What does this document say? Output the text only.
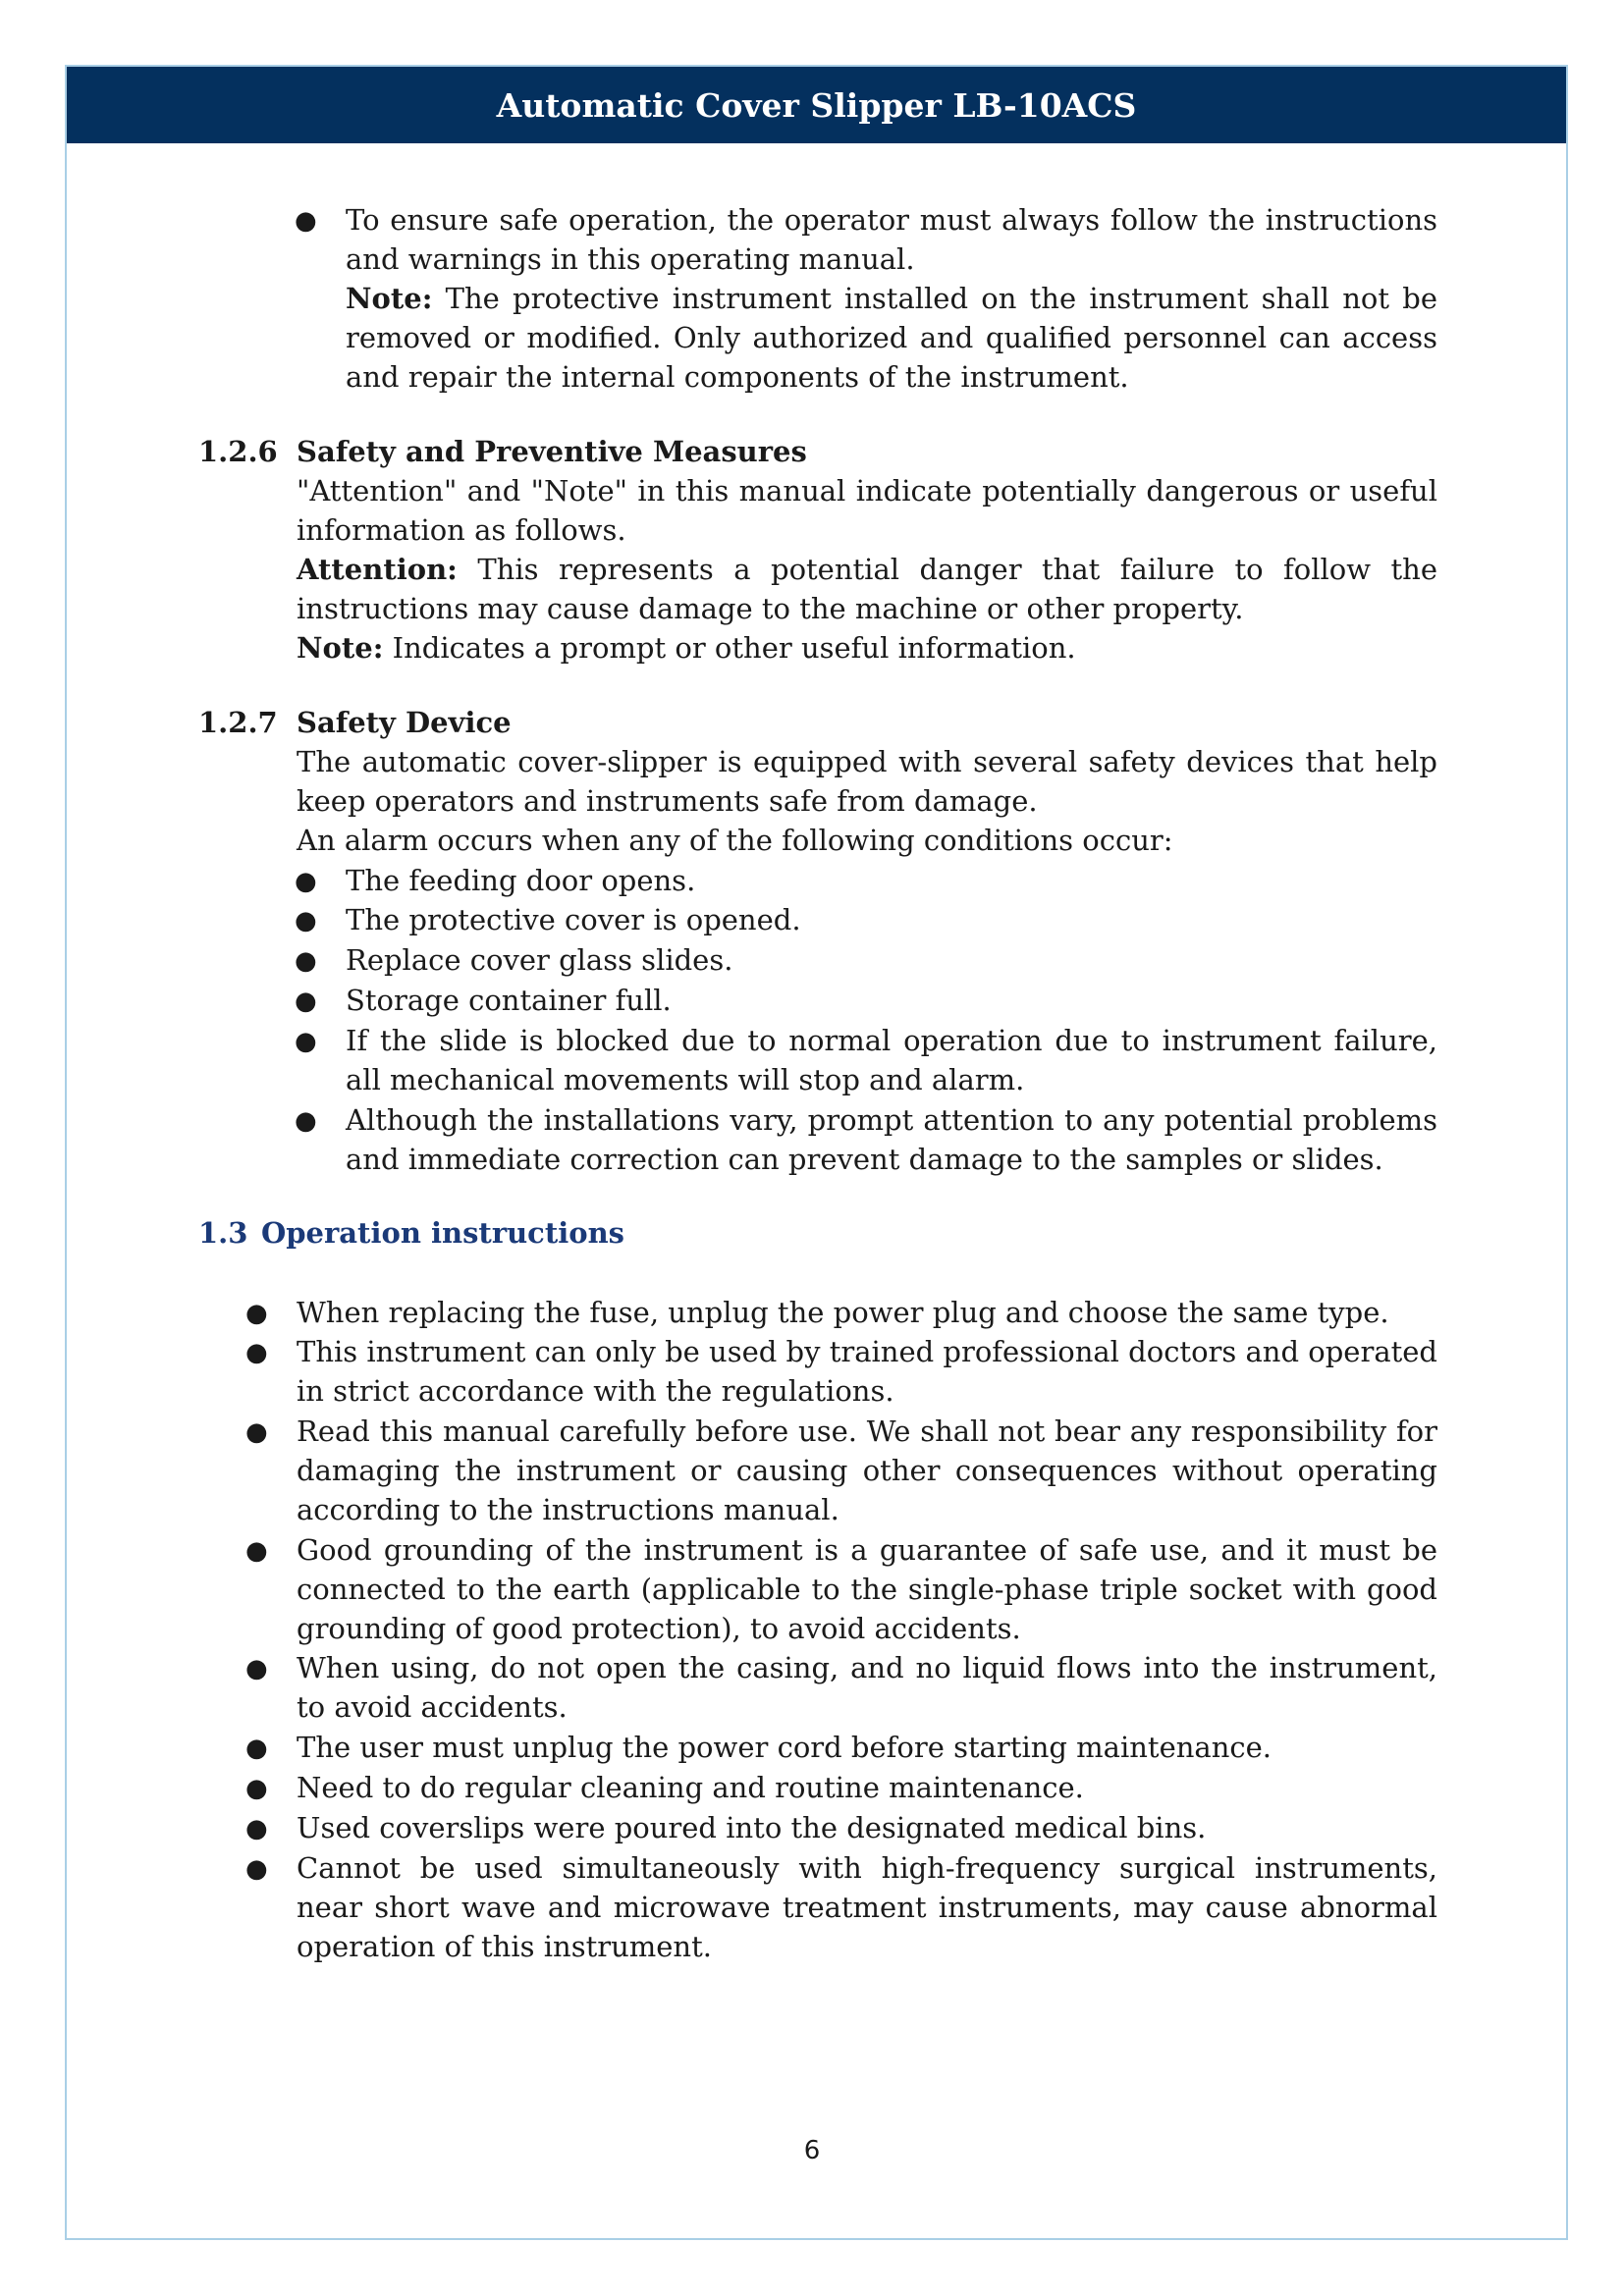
Automatic Cover Slipper LB-10ACS
● To ensure safe operation, the operator must always follow the instructions and warnings in this operating manual.
Note: The protective instrument installed on the instrument shall not be removed or modified. Only authorized and qualified personnel can access and repair the internal components of the instrument.
1.2.6 Safety and Preventive Measures
"Attention" and "Note" in this manual indicate potentially dangerous or useful information as follows.
Attention: This represents a potential danger that failure to follow the instructions may cause damage to the machine or other property.
Note: Indicates a prompt or other useful information.
1.2.7 Safety Device
The automatic cover-slipper is equipped with several safety devices that help keep operators and instruments safe from damage.
An alarm occurs when any of the following conditions occur:
● The feeding door opens.
● The protective cover is opened.
● Replace cover glass slides.
● Storage container full.
● If the slide is blocked due to normal operation due to instrument failure, all mechanical movements will stop and alarm.
● Although the installations vary, prompt attention to any potential problems and immediate correction can prevent damage to the samples or slides.
1.3 Operation instructions
● When replacing the fuse, unplug the power plug and choose the same type.
● This instrument can only be used by trained professional doctors and operated in strict accordance with the regulations.
● Read this manual carefully before use. We shall not bear any responsibility for damaging the instrument or causing other consequences without operating according to the instructions manual.
● Good grounding of the instrument is a guarantee of safe use, and it must be connected to the earth (applicable to the single-phase triple socket with good grounding of good protection), to avoid accidents.
● When using, do not open the casing, and no liquid flows into the instrument, to avoid accidents.
● The user must unplug the power cord before starting maintenance.
● Need to do regular cleaning and routine maintenance.
● Used coverslips were poured into the designated medical bins.
● Cannot be used simultaneously with high-frequency surgical instruments, near short wave and microwave treatment instruments, may cause abnormal operation of this instrument.
6
